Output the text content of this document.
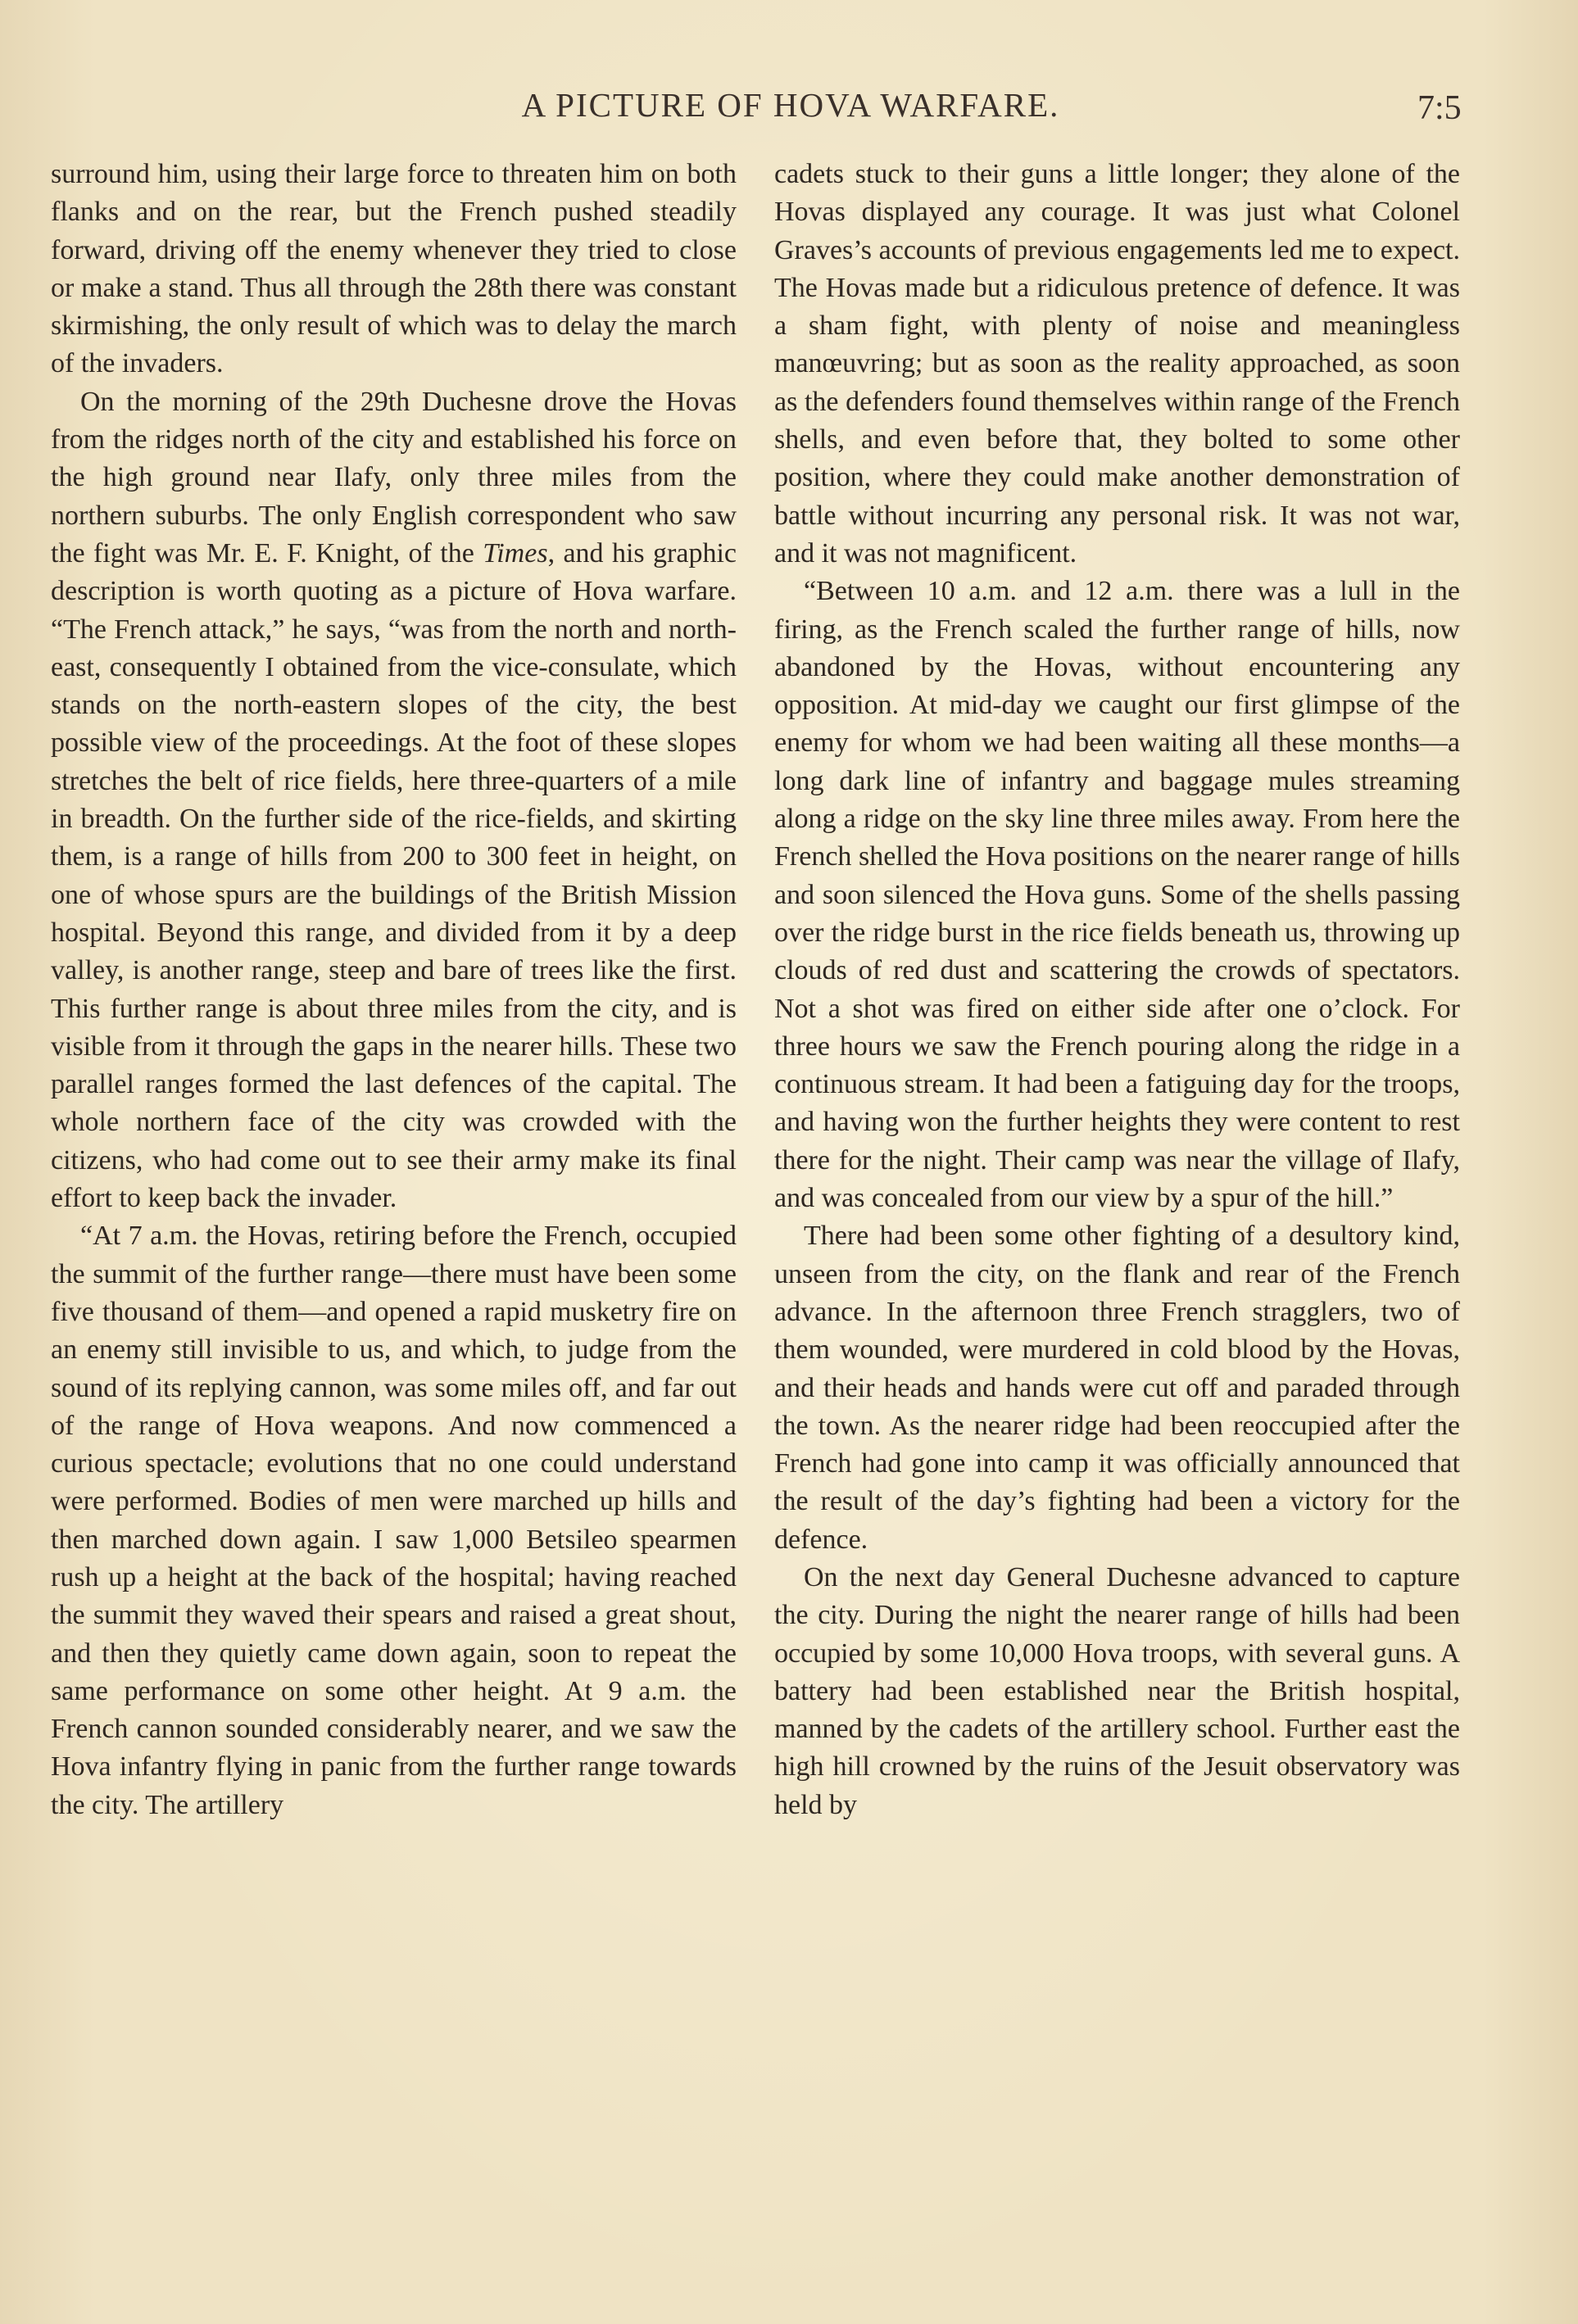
A PICTURE OF HOVA WARFARE.	7:5

surround him, using their large force to threaten him on both flanks and on the rear, but the French pushed steadily forward, driving off the enemy whenever they tried to close or make a stand. Thus all through the 28th there was constant skirmishing, the only result of which was to delay the march of the invaders.

On the morning of the 29th Duchesne drove the Hovas from the ridges north of the city and established his force on the high ground near Ilafy, only three miles from the northern suburbs. The only English correspondent who saw the fight was Mr. E. F. Knight, of the Times, and his graphic description is worth quoting as a picture of Hova warfare. “The French attack,” he says, “was from the north and north-east, consequently I obtained from the vice-consulate, which stands on the north-eastern slopes of the city, the best possible view of the proceedings. At the foot of these slopes stretches the belt of rice fields, here three-quarters of a mile in breadth. On the further side of the rice-fields, and skirting them, is a range of hills from 200 to 300 feet in height, on one of whose spurs are the buildings of the British Mission hospital. Beyond this range, and divided from it by a deep valley, is another range, steep and bare of trees like the first. This further range is about three miles from the city, and is visible from it through the gaps in the nearer hills. These two parallel ranges formed the last defences of the capital. The whole northern face of the city was crowded with the citizens, who had come out to see their army make its final effort to keep back the invader.

“At 7 a.m. the Hovas, retiring before the French, occupied the summit of the further range—there must have been some five thousand of them—and opened a rapid musketry fire on an enemy still invisible to us, and which, to judge from the sound of its replying cannon, was some miles off, and far out of the range of Hova weapons. And now commenced a curious spectacle; evolutions that no one could understand were performed. Bodies of men were marched up hills and then marched down again. I saw 1,000 Betsileo spearmen rush up a height at the back of the hospital; having reached the summit they waved their spears and raised a great shout, and then they quietly came down again, soon to repeat the same performance on some other height. At 9 a.m. the French cannon sounded considerably nearer, and we saw the Hova infantry flying in panic from the further range towards the city. The artillery

cadets stuck to their guns a little longer; they alone of the Hovas displayed any courage. It was just what Colonel Graves’s accounts of previous engagements led me to expect. The Hovas made but a ridiculous pretence of defence. It was a sham fight, with plenty of noise and meaningless manœuvring; but as soon as the reality approached, as soon as the defenders found themselves within range of the French shells, and even before that, they bolted to some other position, where they could make another demonstration of battle without incurring any personal risk. It was not war, and it was not magnificent.

“Between 10 a.m. and 12 a.m. there was a lull in the firing, as the French scaled the further range of hills, now abandoned by the Hovas, without encountering any opposition. At mid-day we caught our first glimpse of the enemy for whom we had been waiting all these months—a long dark line of infantry and baggage mules streaming along a ridge on the sky line three miles away. From here the French shelled the Hova positions on the nearer range of hills and soon silenced the Hova guns. Some of the shells passing over the ridge burst in the rice fields beneath us, throwing up clouds of red dust and scattering the crowds of spectators. Not a shot was fired on either side after one o’clock. For three hours we saw the French pouring along the ridge in a continuous stream. It had been a fatiguing day for the troops, and having won the further heights they were content to rest there for the night. Their camp was near the village of Ilafy, and was concealed from our view by a spur of the hill.”

There had been some other fighting of a desultory kind, unseen from the city, on the flank and rear of the French advance. In the afternoon three French stragglers, two of them wounded, were murdered in cold blood by the Hovas, and their heads and hands were cut off and paraded through the town. As the nearer ridge had been reoccupied after the French had gone into camp it was officially announced that the result of the day’s fighting had been a victory for the defence.

On the next day General Duchesne advanced to capture the city. During the night the nearer range of hills had been occupied by some 10,000 Hova troops, with several guns. A battery had been established near the British hospital, manned by the cadets of the artillery school. Further east the high hill crowned by the ruins of the Jesuit observatory was held by
